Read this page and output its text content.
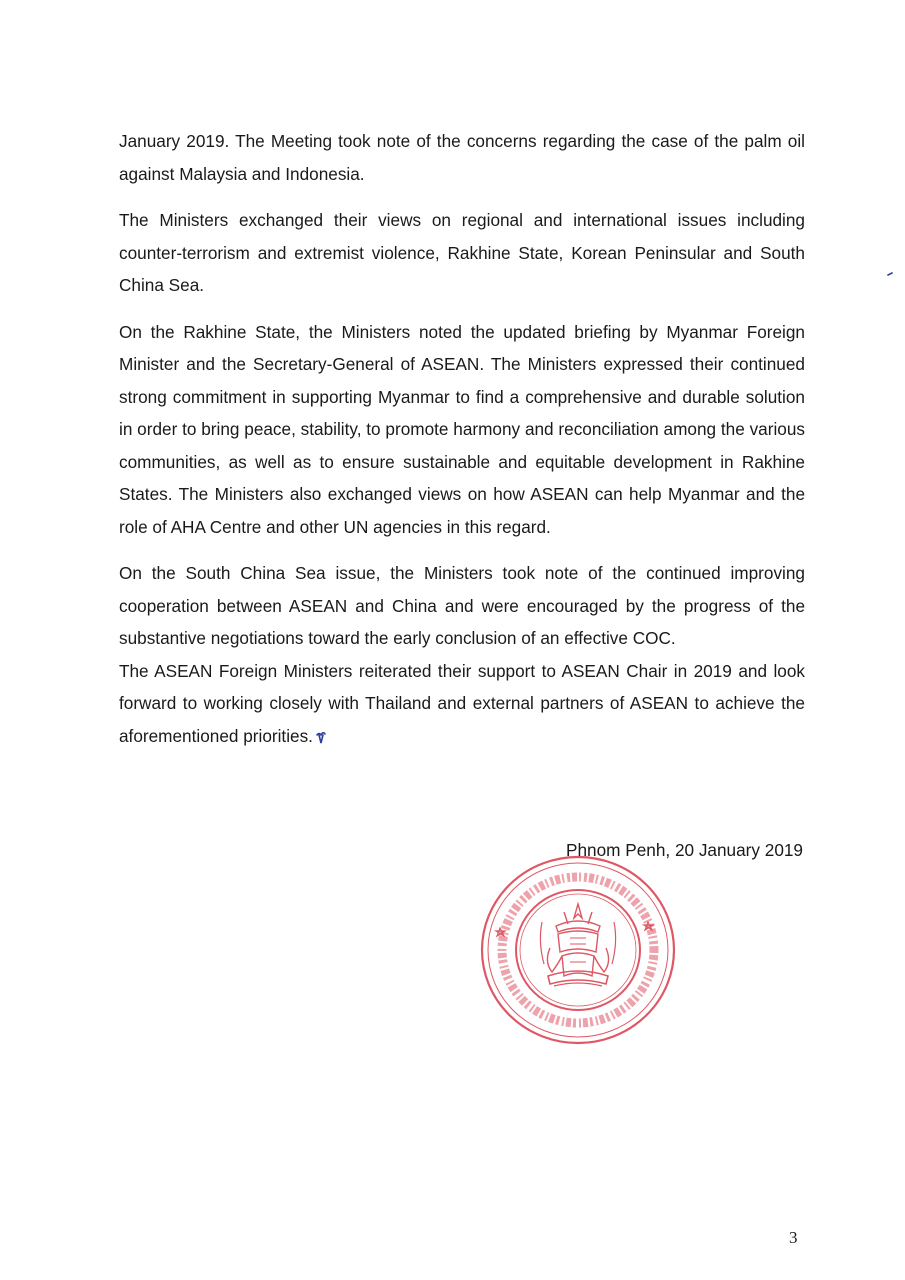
January 2019. The Meeting took note of the concerns regarding the case of the palm oil against Malaysia and Indonesia.

The Ministers exchanged their views on regional and international issues including counter-terrorism and extremist violence, Rakhine State, Korean Peninsular and South China Sea.

On the Rakhine State, the Ministers noted the updated briefing by Myanmar Foreign Minister and the Secretary-General of ASEAN. The Ministers expressed their continued strong commitment in supporting Myanmar to find a comprehensive and durable solution in order to bring peace, stability, to promote harmony and reconciliation among the various communities, as well as to ensure sustainable and equitable development in Rakhine States. The Ministers also exchanged views on how ASEAN can help Myanmar and the role of AHA Centre and other UN agencies in this regard.

On the South China Sea issue, the Ministers took note of the continued improving cooperation between ASEAN and China and were encouraged by the progress of the substantive negotiations toward the early conclusion of an effective COC.

The ASEAN Foreign Ministers reiterated their support to ASEAN Chair in 2019 and look forward to working closely with Thailand and external partners of ASEAN to achieve the aforementioned priorities.

Phnom Penh, 20 January 2019
3
